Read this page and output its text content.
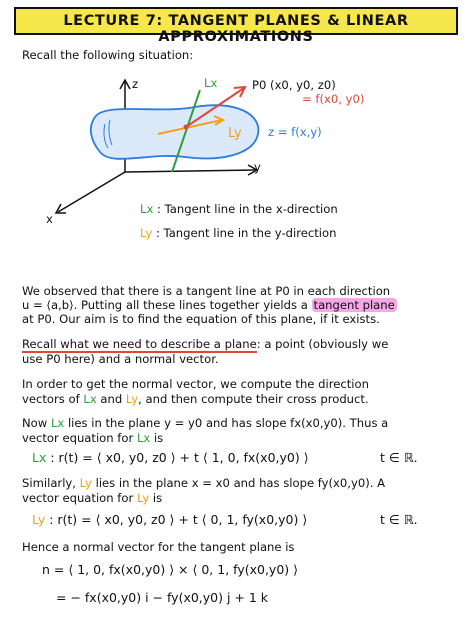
LECTURE 7: TANGENT PLANES & LINEAR APPROXIMATIONS
Recall the following situation:
z
y
x
Lx
Ly
P0 (x0, y0, z0)
= f(x0, y0)
z = f(x,y)
Lx : Tangent line in the x-direction
Ly : Tangent line in the y-direction
We observed that there is a tangent line at P0 in each direction
u = ⟨a,b⟩. Putting all these lines together yields a tangent plane
at P0. Our aim is to find the equation of this plane, if it exists.
Recall what we need to describe a plane: a point (obviously we
use P0 here) and a normal vector.
In order to get the normal vector, we compute the direction
vectors of Lx and Ly, and then compute their cross product.
Now Lx lies in the plane y = y0 and has slope fx(x0,y0). Thus a
vector equation for Lx is
Lx : r(t) = ⟨ x0, y0, z0 ⟩ + t ⟨ 1, 0, fx(x0,y0) ⟩	t ∈ ℝ.
Similarly, Ly lies in the plane x = x0 and has slope fy(x0,y0). A
vector equation for Ly is
Ly : r(t) = ⟨ x0, y0, z0 ⟩ + t ⟨ 0, 1, fy(x0,y0) ⟩	t ∈ ℝ.
Hence a normal vector for the tangent plane is
n = ⟨ 1, 0, fx(x0,y0) ⟩ × ⟨ 0, 1, fy(x0,y0) ⟩
= − fx(x0,y0) i − fy(x0,y0) j + 1 k
